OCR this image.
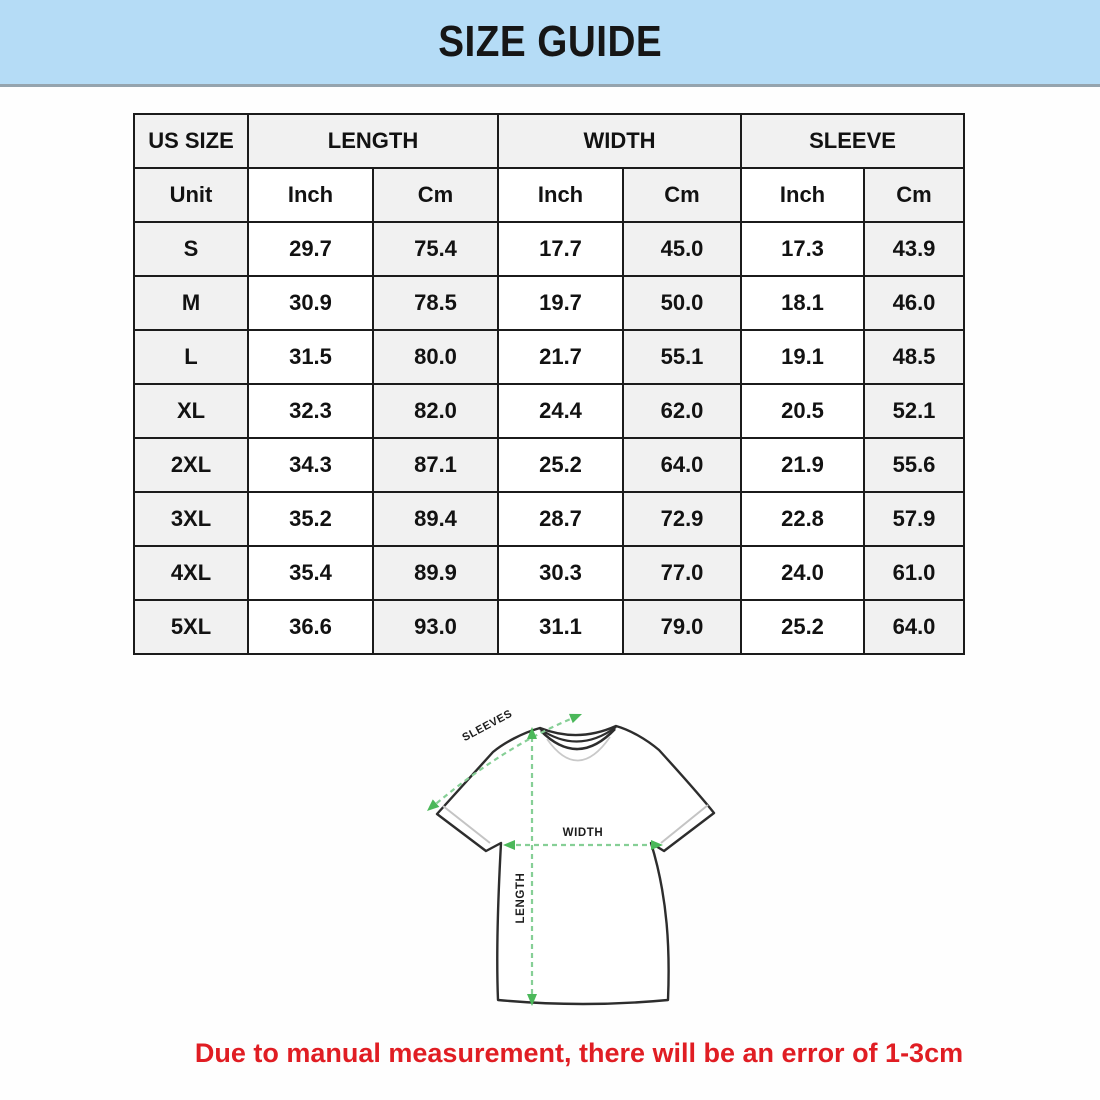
SIZE GUIDE
US SIZE	LENGTH		WIDTH		SLEEVE	
Unit	Inch	Cm	Inch	Cm	Inch	Cm
S	29.7	75.4	17.7	45.0	17.3	43.9
M	30.9	78.5	19.7	50.0	18.1	46.0
L	31.5	80.0	21.7	55.1	19.1	48.5
XL	32.3	82.0	24.4	62.0	20.5	52.1
2XL	34.3	87.1	25.2	64.0	21.9	55.6
3XL	35.2	89.4	28.7	72.9	22.8	57.9
4XL	35.4	89.9	30.3	77.0	24.0	61.0
5XL	36.6	93.0	31.1	79.0	25.2	64.0
SLEEVES
WIDTH
LENGTH

Due to manual measurement, there will be an error of 1-3cm
